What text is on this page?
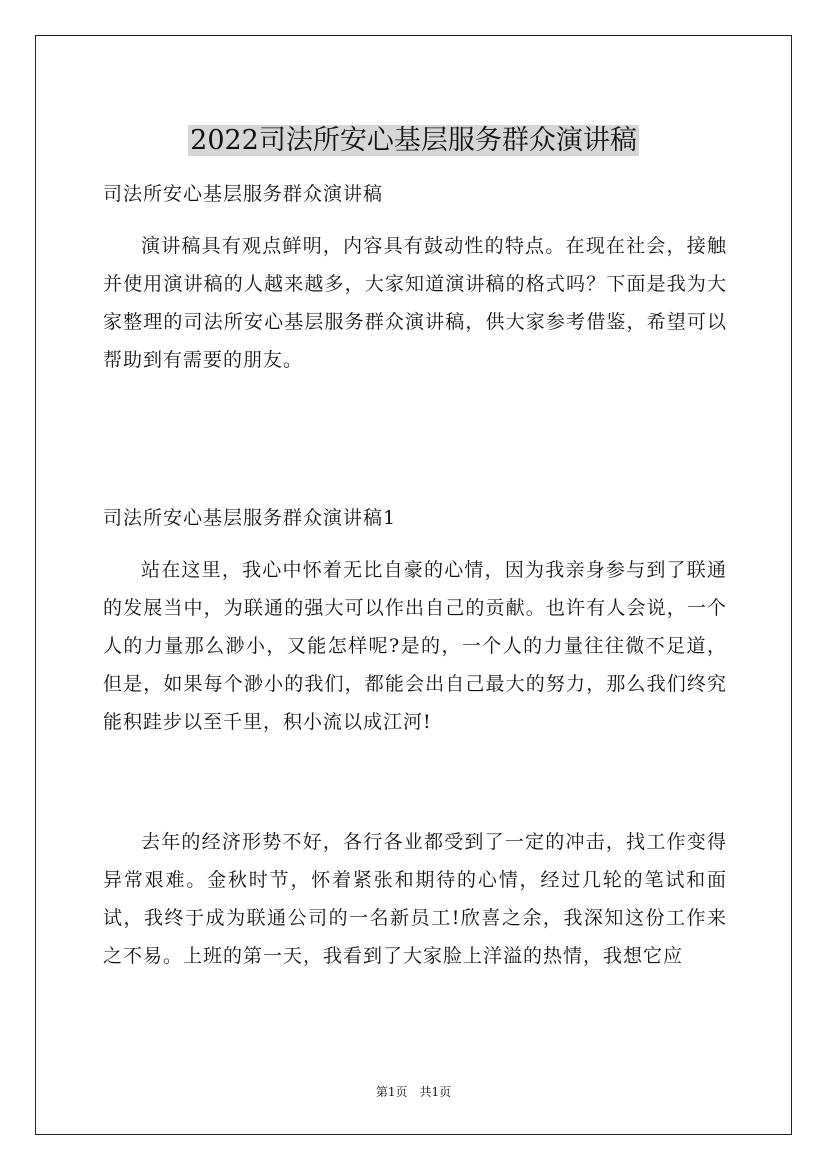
2022司法所安心基层服务群众演讲稿

司法所安心基层服务群众演讲稿

演讲稿具有观点鲜明，内容具有鼓动性的特点。在现在社会，接触并使用演讲稿的人越来越多，大家知道演讲稿的格式吗？下面是我为大家整理的司法所安心基层服务群众演讲稿，供大家参考借鉴，希望可以帮助到有需要的朋友。

司法所安心基层服务群众演讲稿1

站在这里，我心中怀着无比自豪的心情，因为我亲身参与到了联通的发展当中，为联通的强大可以作出自己的贡献。也许有人会说，一个人的力量那么渺小，又能怎样呢?是的，一个人的力量往往微不足道，但是，如果每个渺小的我们，都能会出自己最大的努力，那么我们终究能积跬步以至千里，积小流以成江河!

去年的经济形势不好，各行各业都受到了一定的冲击，找工作变得异常艰难。金秋时节，怀着紧张和期待的心情，经过几轮的笔试和面试，我终于成为联通公司的一名新员工!欣喜之余，我深知这份工作来之不易。上班的第一天，我看到了大家脸上洋溢的热情，我想它应

第1页　共1页
